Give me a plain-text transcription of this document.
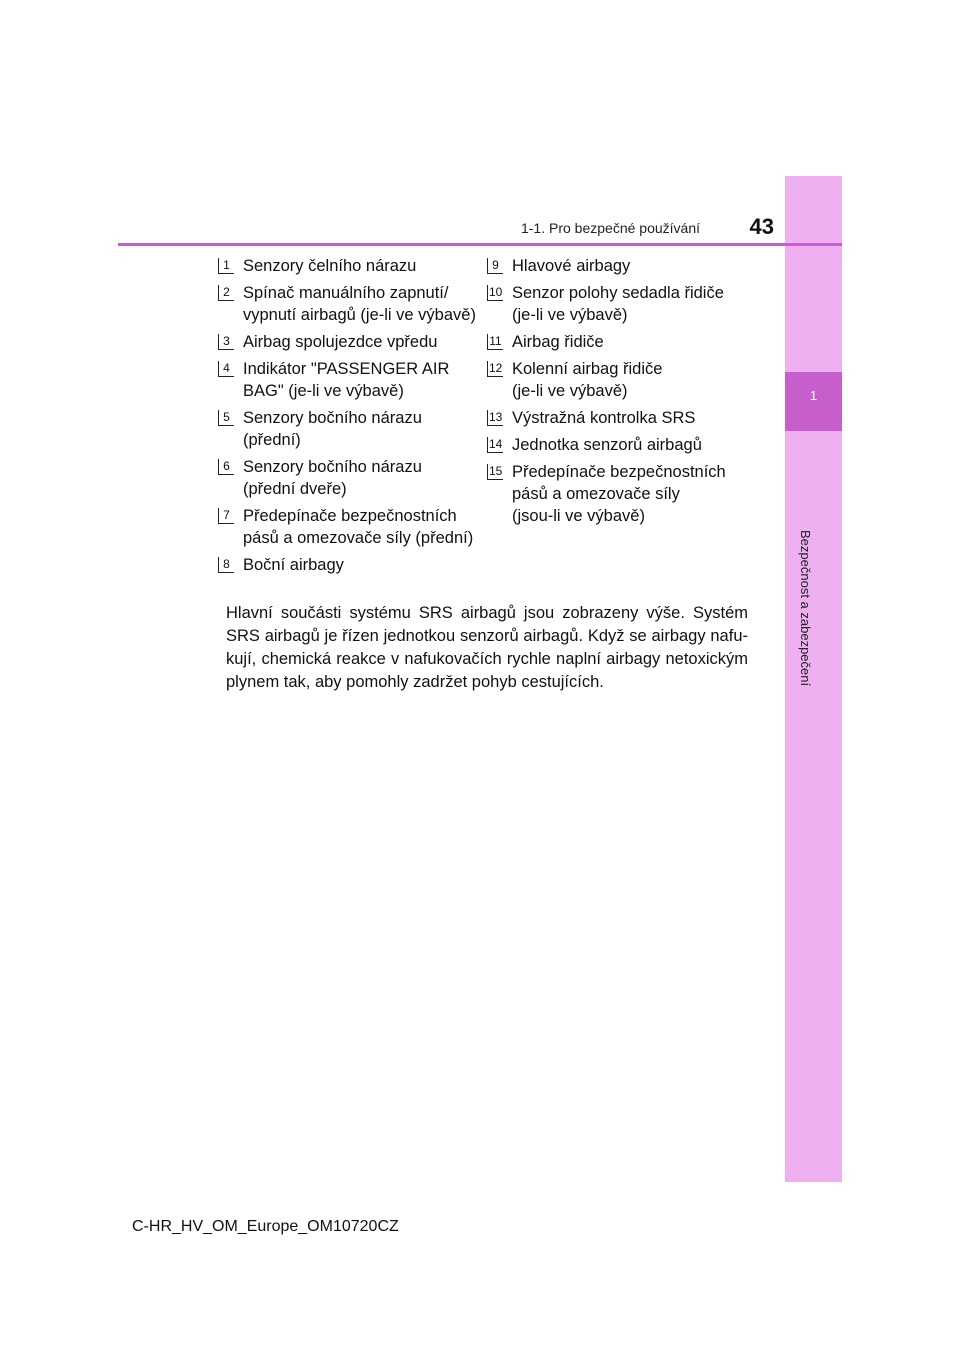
1
Bezpečnost a zabezpečení
1-1. Pro bezpečné používání	43
1 Senzory čelního nárazu
2 Spínač manuálního zapnutí/
vypnutí airbagů (je-li ve výbavě)
3 Airbag spolujezdce vpředu
4 Indikátor "PASSENGER AIR
BAG" (je-li ve výbavě)
5 Senzory bočního nárazu
(přední)
6 Senzory bočního nárazu
(přední dveře)
7 Předepínače bezpečnostních
pásů a omezovače síly (přední)
8 Boční airbagy
9 Hlavové airbagy
10 Senzor polohy sedadla řidiče
(je-li ve výbavě)
11 Airbag řidiče
12 Kolenní airbag řidiče
(je-li ve výbavě)
13 Výstražná kontrolka SRS
14 Jednotka senzorů airbagů
15 Předepínače bezpečnostních
pásů a omezovače síly
(jsou-li ve výbavě)

Hlavní součásti systému SRS airbagů jsou zobrazeny výše. Systém SRS airbagů je řízen jednotkou senzorů airbagů. Když se airbagy nafu-kují, chemická reakce v nafukovačích rychle naplní airbagy netoxickým plynem tak, aby pomohly zadržet pohyb cestujících.

C-HR_HV_OM_Europe_OM10720CZ
